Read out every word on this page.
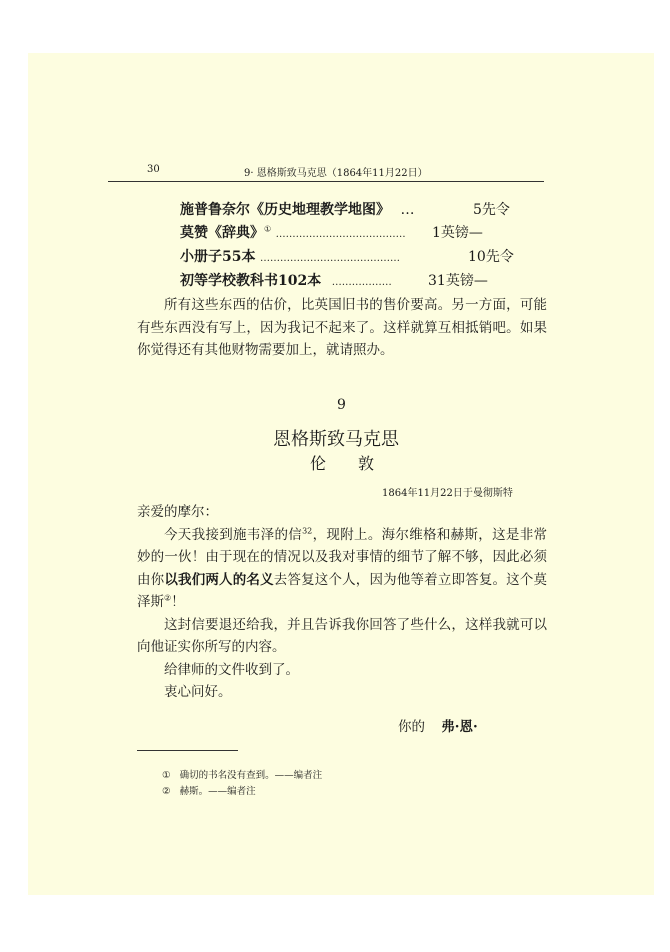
30	9· 恩格斯致马克思（1864年11月22日）
施普鲁奈尔《历史地理教学地图》 …	5先令
莫赞《辞典》① ………………………………… 1英镑—
小册子55本 ……………………………………	10先令
初等学校教科书102本 ………………	31英镑—

所有这些东西的估价，比英国旧书的售价要高。另一方面，可能有些东西没有写上，因为我记不起来了。这样就算互相抵销吧。如果你觉得还有其他财物需要加上，就请照办。

9
恩格斯致马克思
伦　　敦
1864年11月22日于曼彻斯特

亲爱的摩尔：

今天我接到施韦泽的信$^{32}$，现附上。海尔维格和赫斯，这是非常妙的一伙！由于现在的情况以及我对事情的细节了解不够，因此必须由你以我们两人的名义去答复这个人，因为他等着立即答复。这个莫泽斯②！

这封信要退还给我，并且告诉我你回答了些什么，这样我就可以向他证实你所写的内容。

给律师的文件收到了。

衷心问好。

你的 弗·恩·
① 确切的书名没有查到。——编者注
② 赫斯。——编者注
